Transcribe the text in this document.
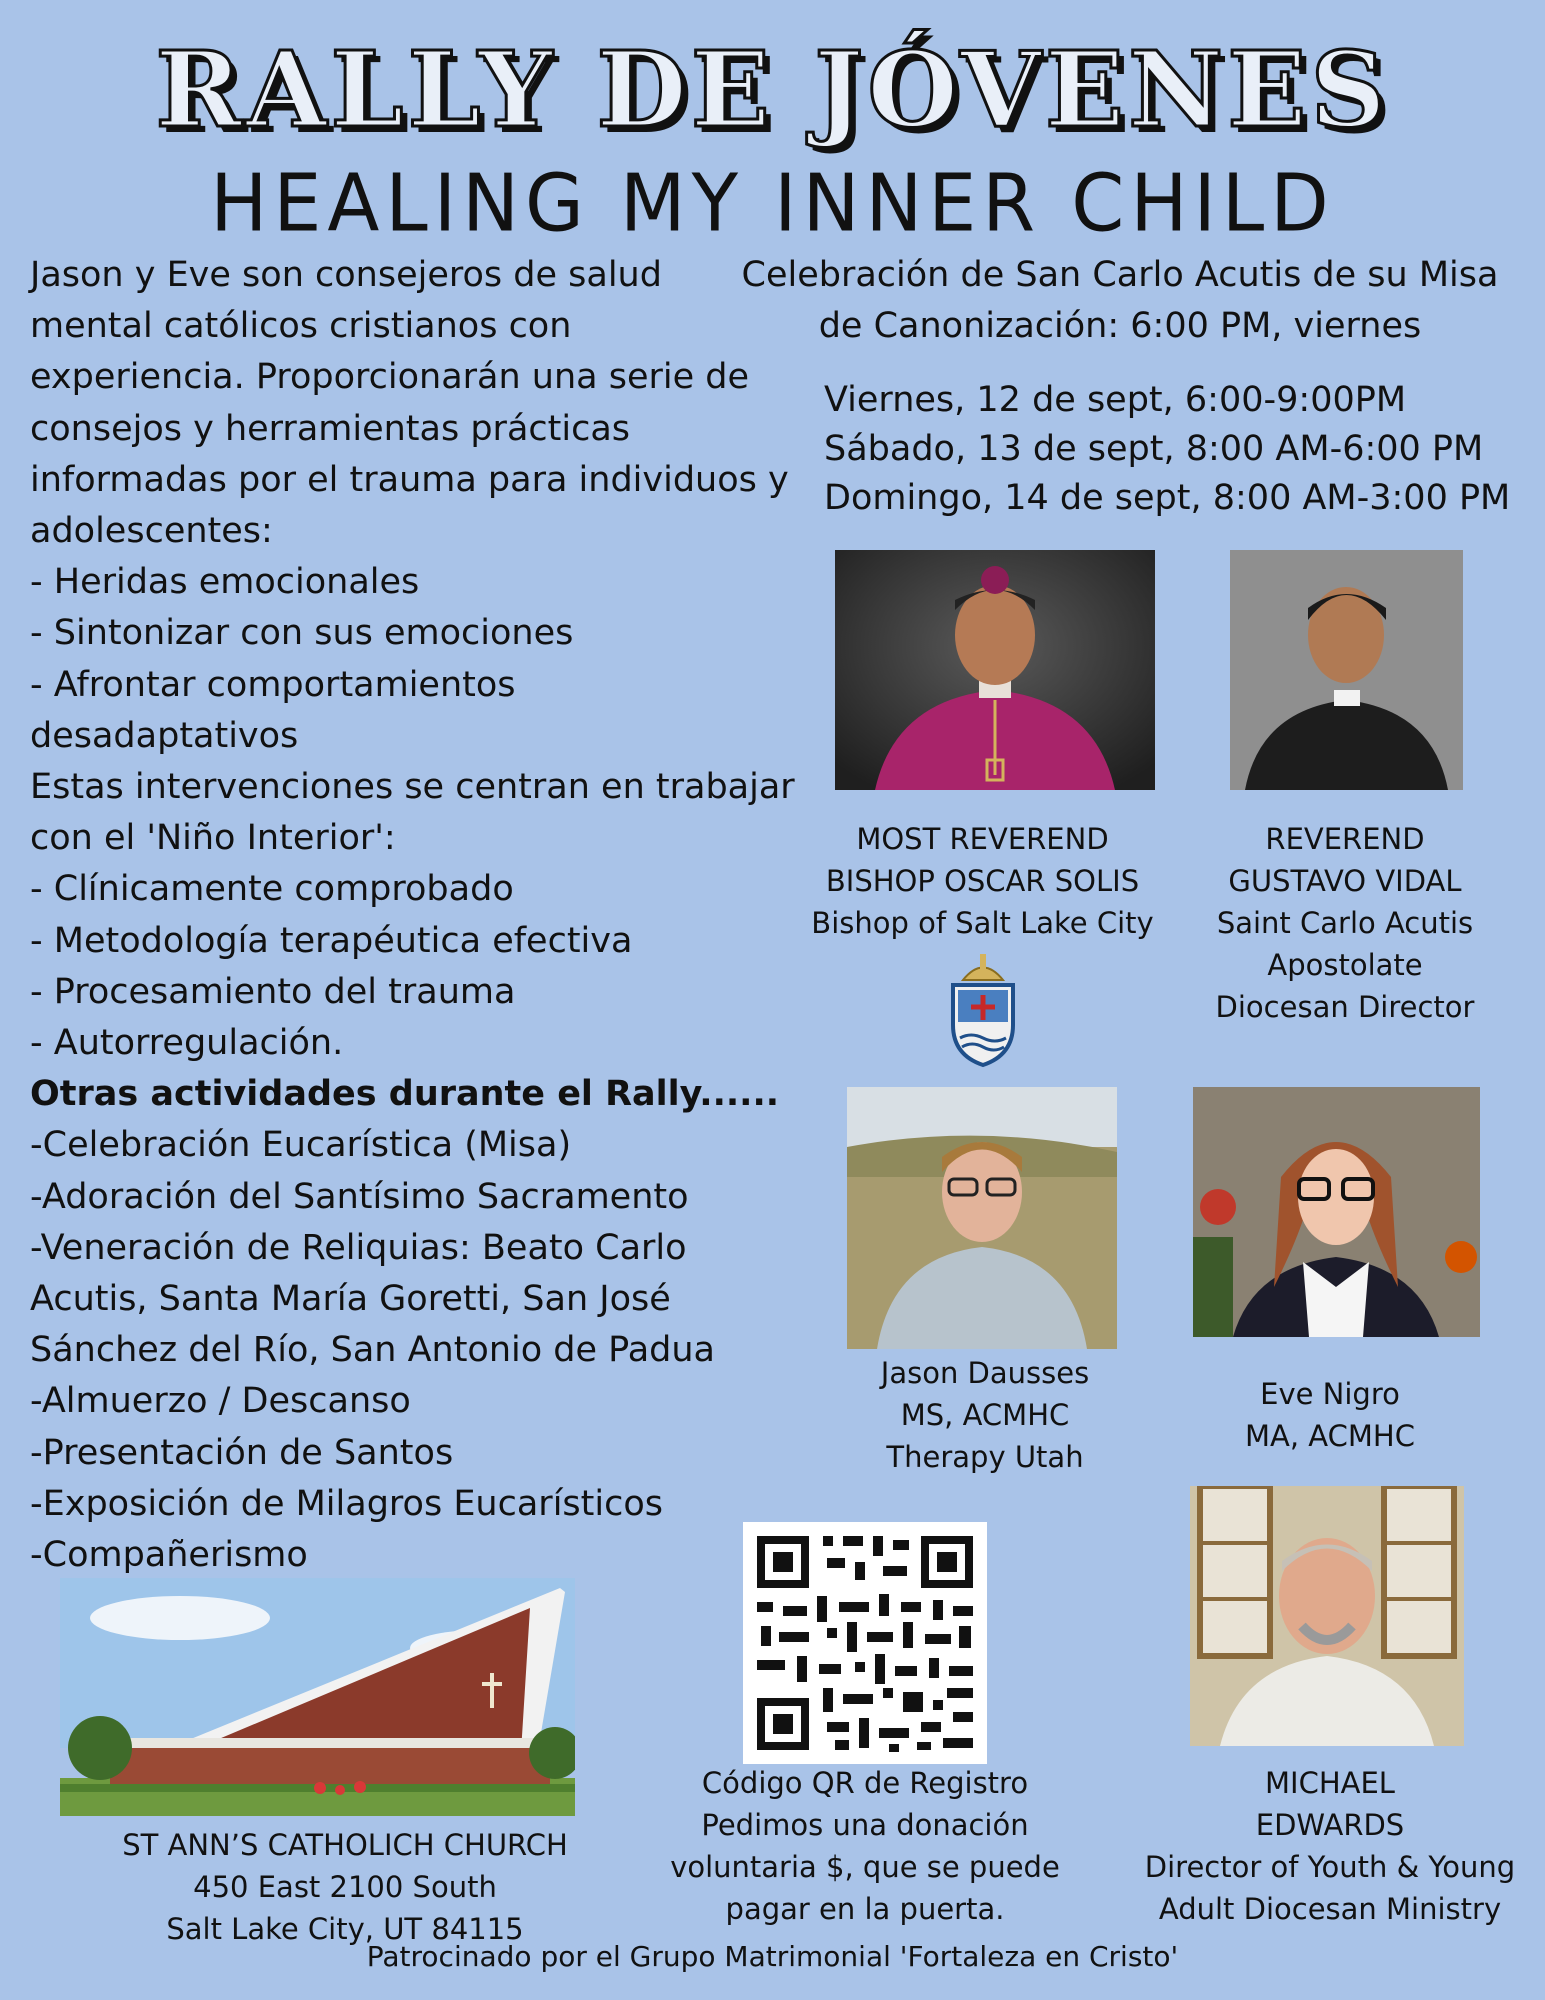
RALLY DE JÓVENES
HEALING MY INNER CHILD
Jason y Eve son consejeros de salud
mental católicos cristianos con
experiencia. Proporcionarán una serie de
consejos y herramientas prácticas
informadas por el trauma para individuos y
adolescentes:
- Heridas emocionales
- Sintonizar con sus emociones
- Afrontar comportamientos
desadaptativos
Estas intervenciones se centran en trabajar
con el 'Niño Interior':
- Clínicamente comprobado
- Metodología terapéutica efectiva
- Procesamiento del trauma
- Autorregulación.
Otras actividades durante el Rally......
-Celebración Eucarística (Misa)
-Adoración del Santísimo Sacramento
-Veneración de Reliquias: Beato Carlo
Acutis, Santa María Goretti, San José
Sánchez del Río, San Antonio de Padua
-Almuerzo / Descanso
-Presentación de Santos
-Exposición de Milagros Eucarísticos
-Compañerismo
Celebración de San Carlo Acutis de su Misa
de Canonización: 6:00 PM, viernes
Viernes, 12 de sept, 6:00-9:00PM
Sábado, 13 de sept, 8:00 AM-6:00 PM
Domingo, 14 de sept, 8:00 AM-3:00 PM
MOST REVEREND
BISHOP OSCAR SOLIS
Bishop of Salt Lake City
REVEREND
GUSTAVO VIDAL
Saint Carlo Acutis
Apostolate
Diocesan Director
Jason Dausses
MS, ACMHC
Therapy Utah
Eve Nigro
MA, ACMHC
ST ANN’S CATHOLICH CHURCH
450 East 2100 South
Salt Lake City, UT 84115
Código QR de Registro
Pedimos una donación
voluntaria $, que se puede
pagar en la puerta.
MICHAEL
EDWARDS
Director of Youth & Young
Adult Diocesan Ministry
Patrocinado por el Grupo Matrimonial 'Fortaleza en Cristo'
